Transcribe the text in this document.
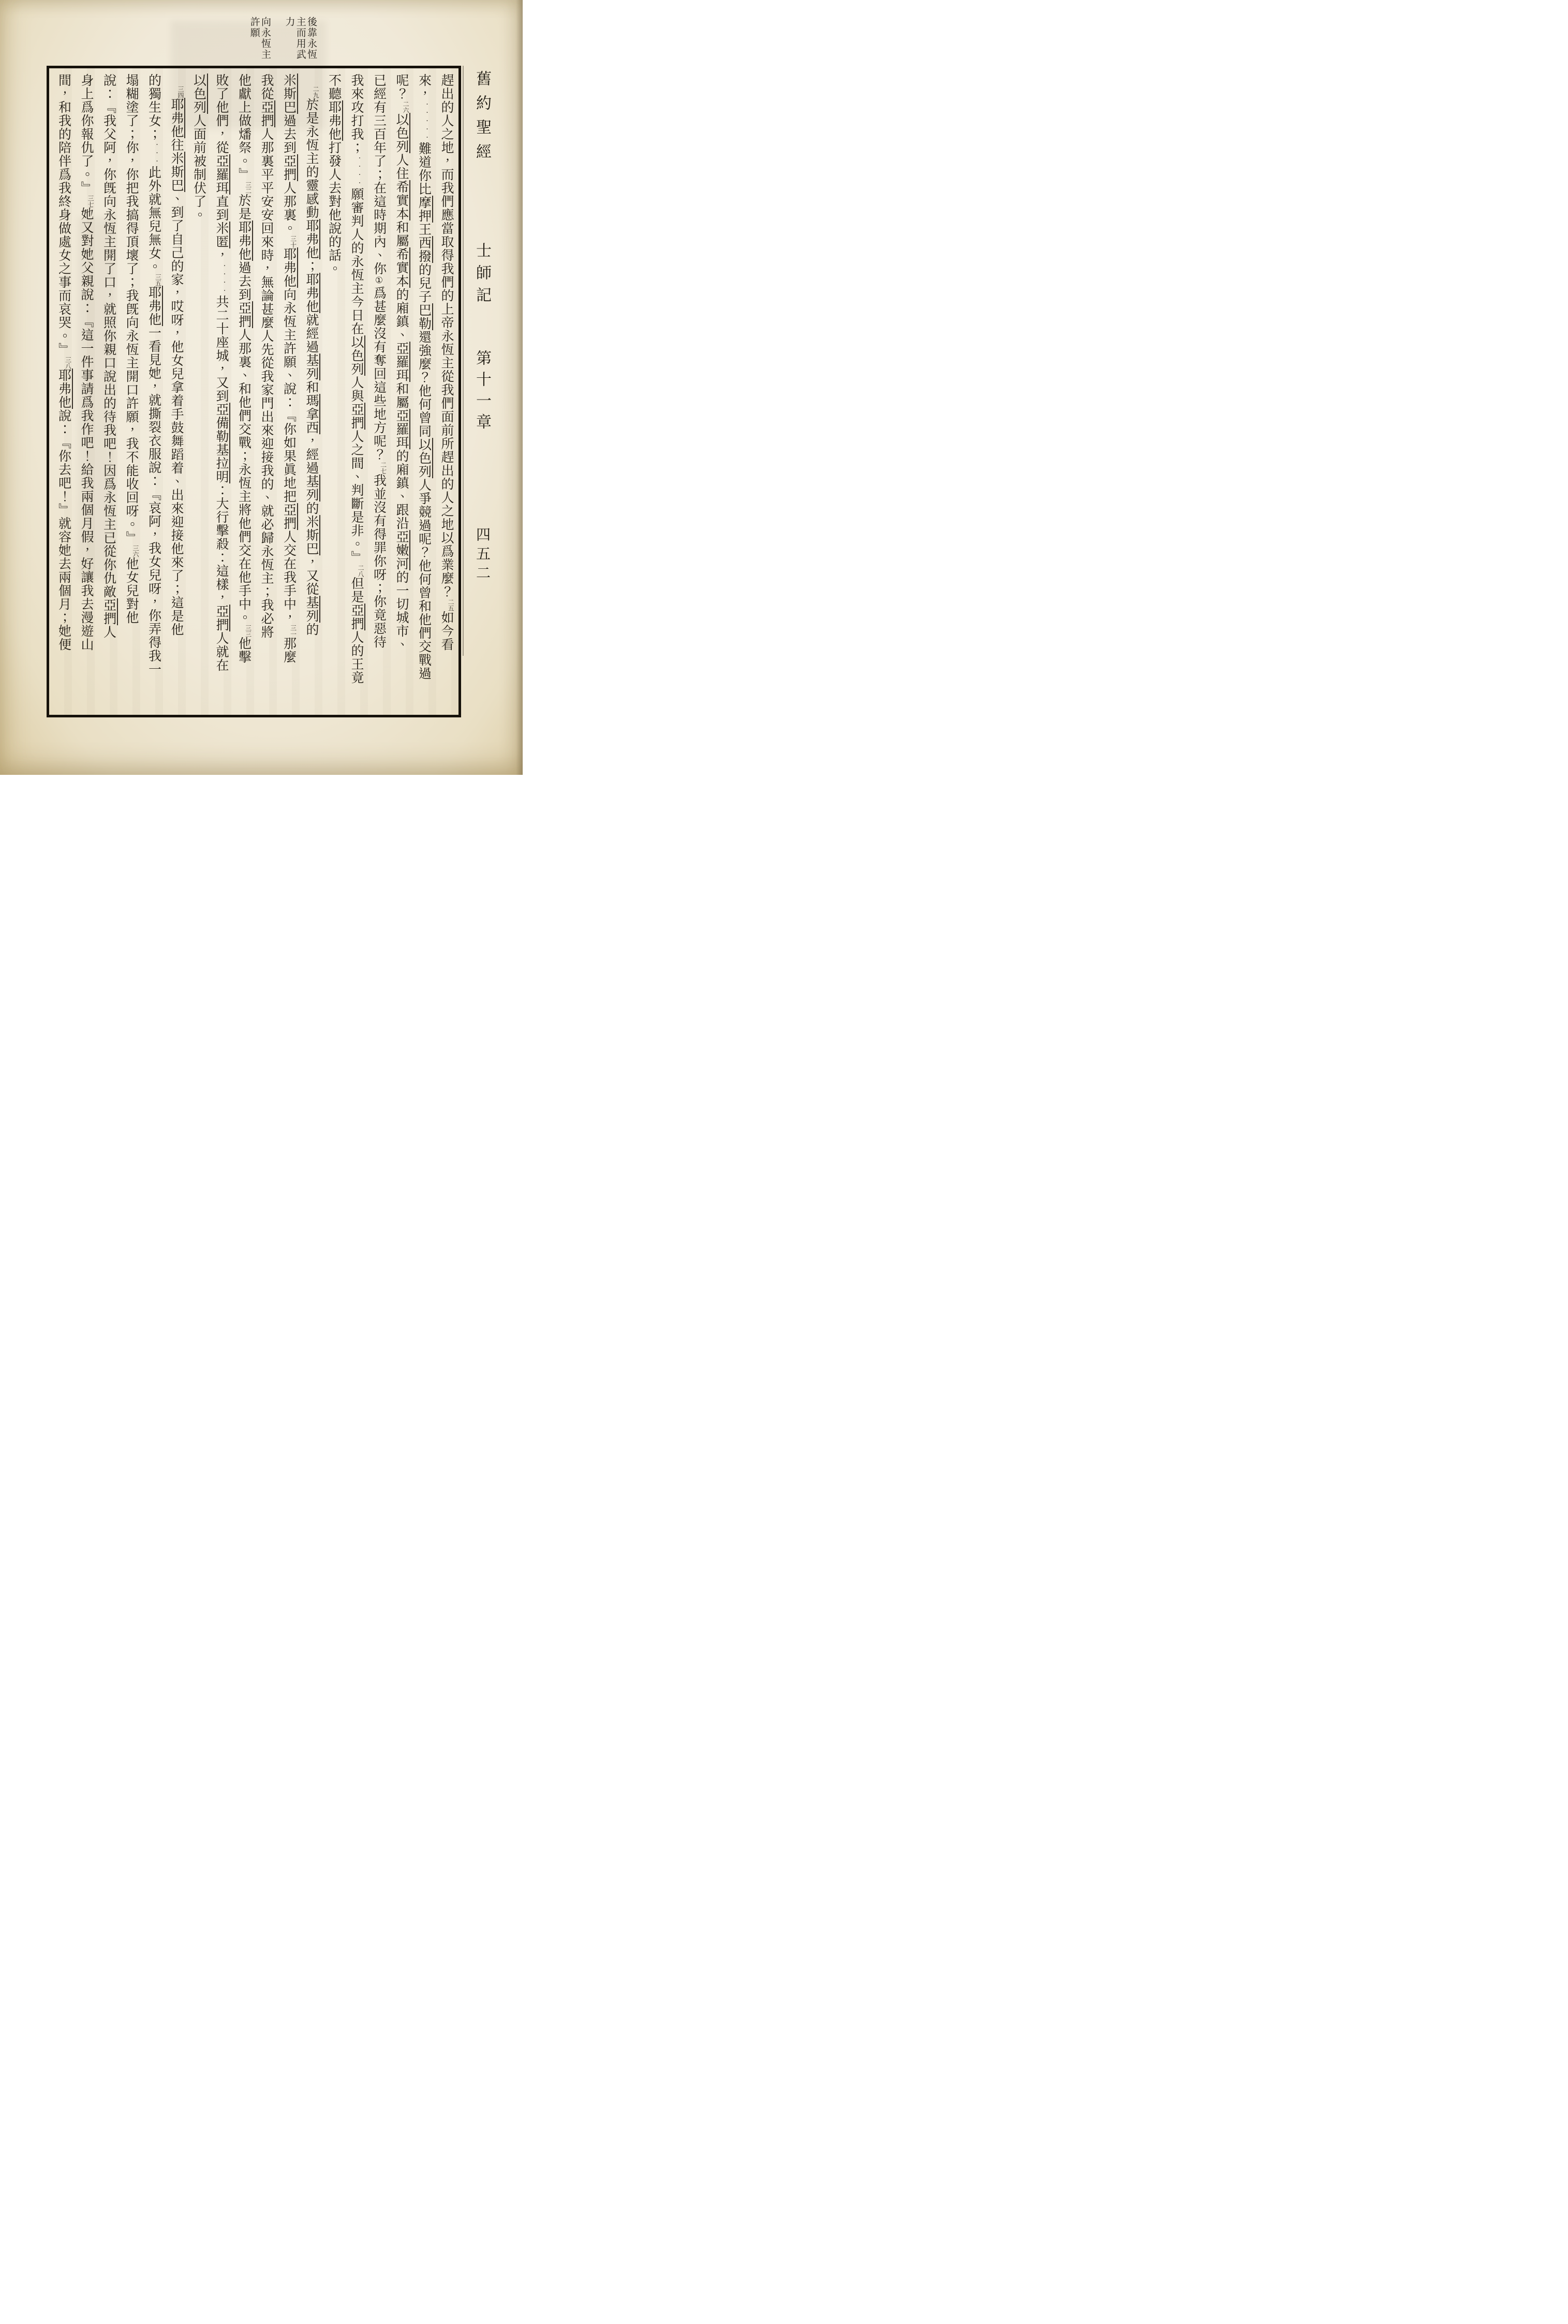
後靠永恆主而用武力
向永恆主許願
趕出的人之地，而我們應當取得我們的上帝永恆主從我們面前所趕出的人之地以爲業麼？二五如今看
來，·····難道你比摩押王西撥的兒子巴勒還強麼？他何曾同以色列人爭競過呢？他何曾和他們交戰過
呢？二六以色列人住希實本和屬希實本的廂鎮、亞羅珥和屬亞羅珥的廂鎮、跟沿亞嫩河的一切城市、
已經有三百年了；在這時期內、你①爲甚麼沒有奪回這些地方呢？二七我並沒有得罪你呀；你竟惡待
我來攻打我；····願審判人的永恆主今日在以色列人與亞捫人之間、判斷是非。』二八但是亞捫人的王竟
不聽耶弗他打發人去對他說的話。
二九於是永恆主的靈感動耶弗他；耶弗他就經過基列和瑪拿西，經過基列的米斯巴，又從基列的
米斯巴過去到亞捫人那裏。三十耶弗他向永恆主許願、說：『你如果眞地把亞捫人交在我手中，三一那麼
我從亞捫人那裏平平安安回來時，無論甚麼人先從我家門出來迎接我的、就必歸永恆主；我必將
他獻上做燔祭。』三二於是耶弗他過去到亞捫人那裏、和他們交戰；永恆主將他們交在他手中。三三他擊
敗了他們，從亞羅珥直到米匿，····共二十座城，又到亞備勒基拉明：大行擊殺：這樣，亞捫人就在
以色列人面前被制伏了。
三四耶弗他往米斯巴、到了自己的家，哎呀，他女兒拿着手鼓舞蹈着、出來迎接他來了；這是他
的獨生女；···此外就無兒無女。三五耶弗他一看見她，就撕裂衣服說：『哀阿，我女兒呀，你弄得我一
塌糊塗了；你，你把我搞得頂壞了；我旣向永恆主開口許願，我不能收回呀。』三六他女兒對他
說：『我父阿，你旣向永恆主開了口，就照你親口說出的待我吧！因爲永恆主已從你仇敵亞捫人
身上爲你報仇了。』三七她又對她父親說：『這一件事請爲我作吧！給我兩個月假，好讓我去漫遊山
間，和我的陪伴爲我終身做處女之事而哀哭。』三八耶弗他說：『你去吧！』就容她去兩個月；她便
舊約聖經
士師記
第十一章
四五二
